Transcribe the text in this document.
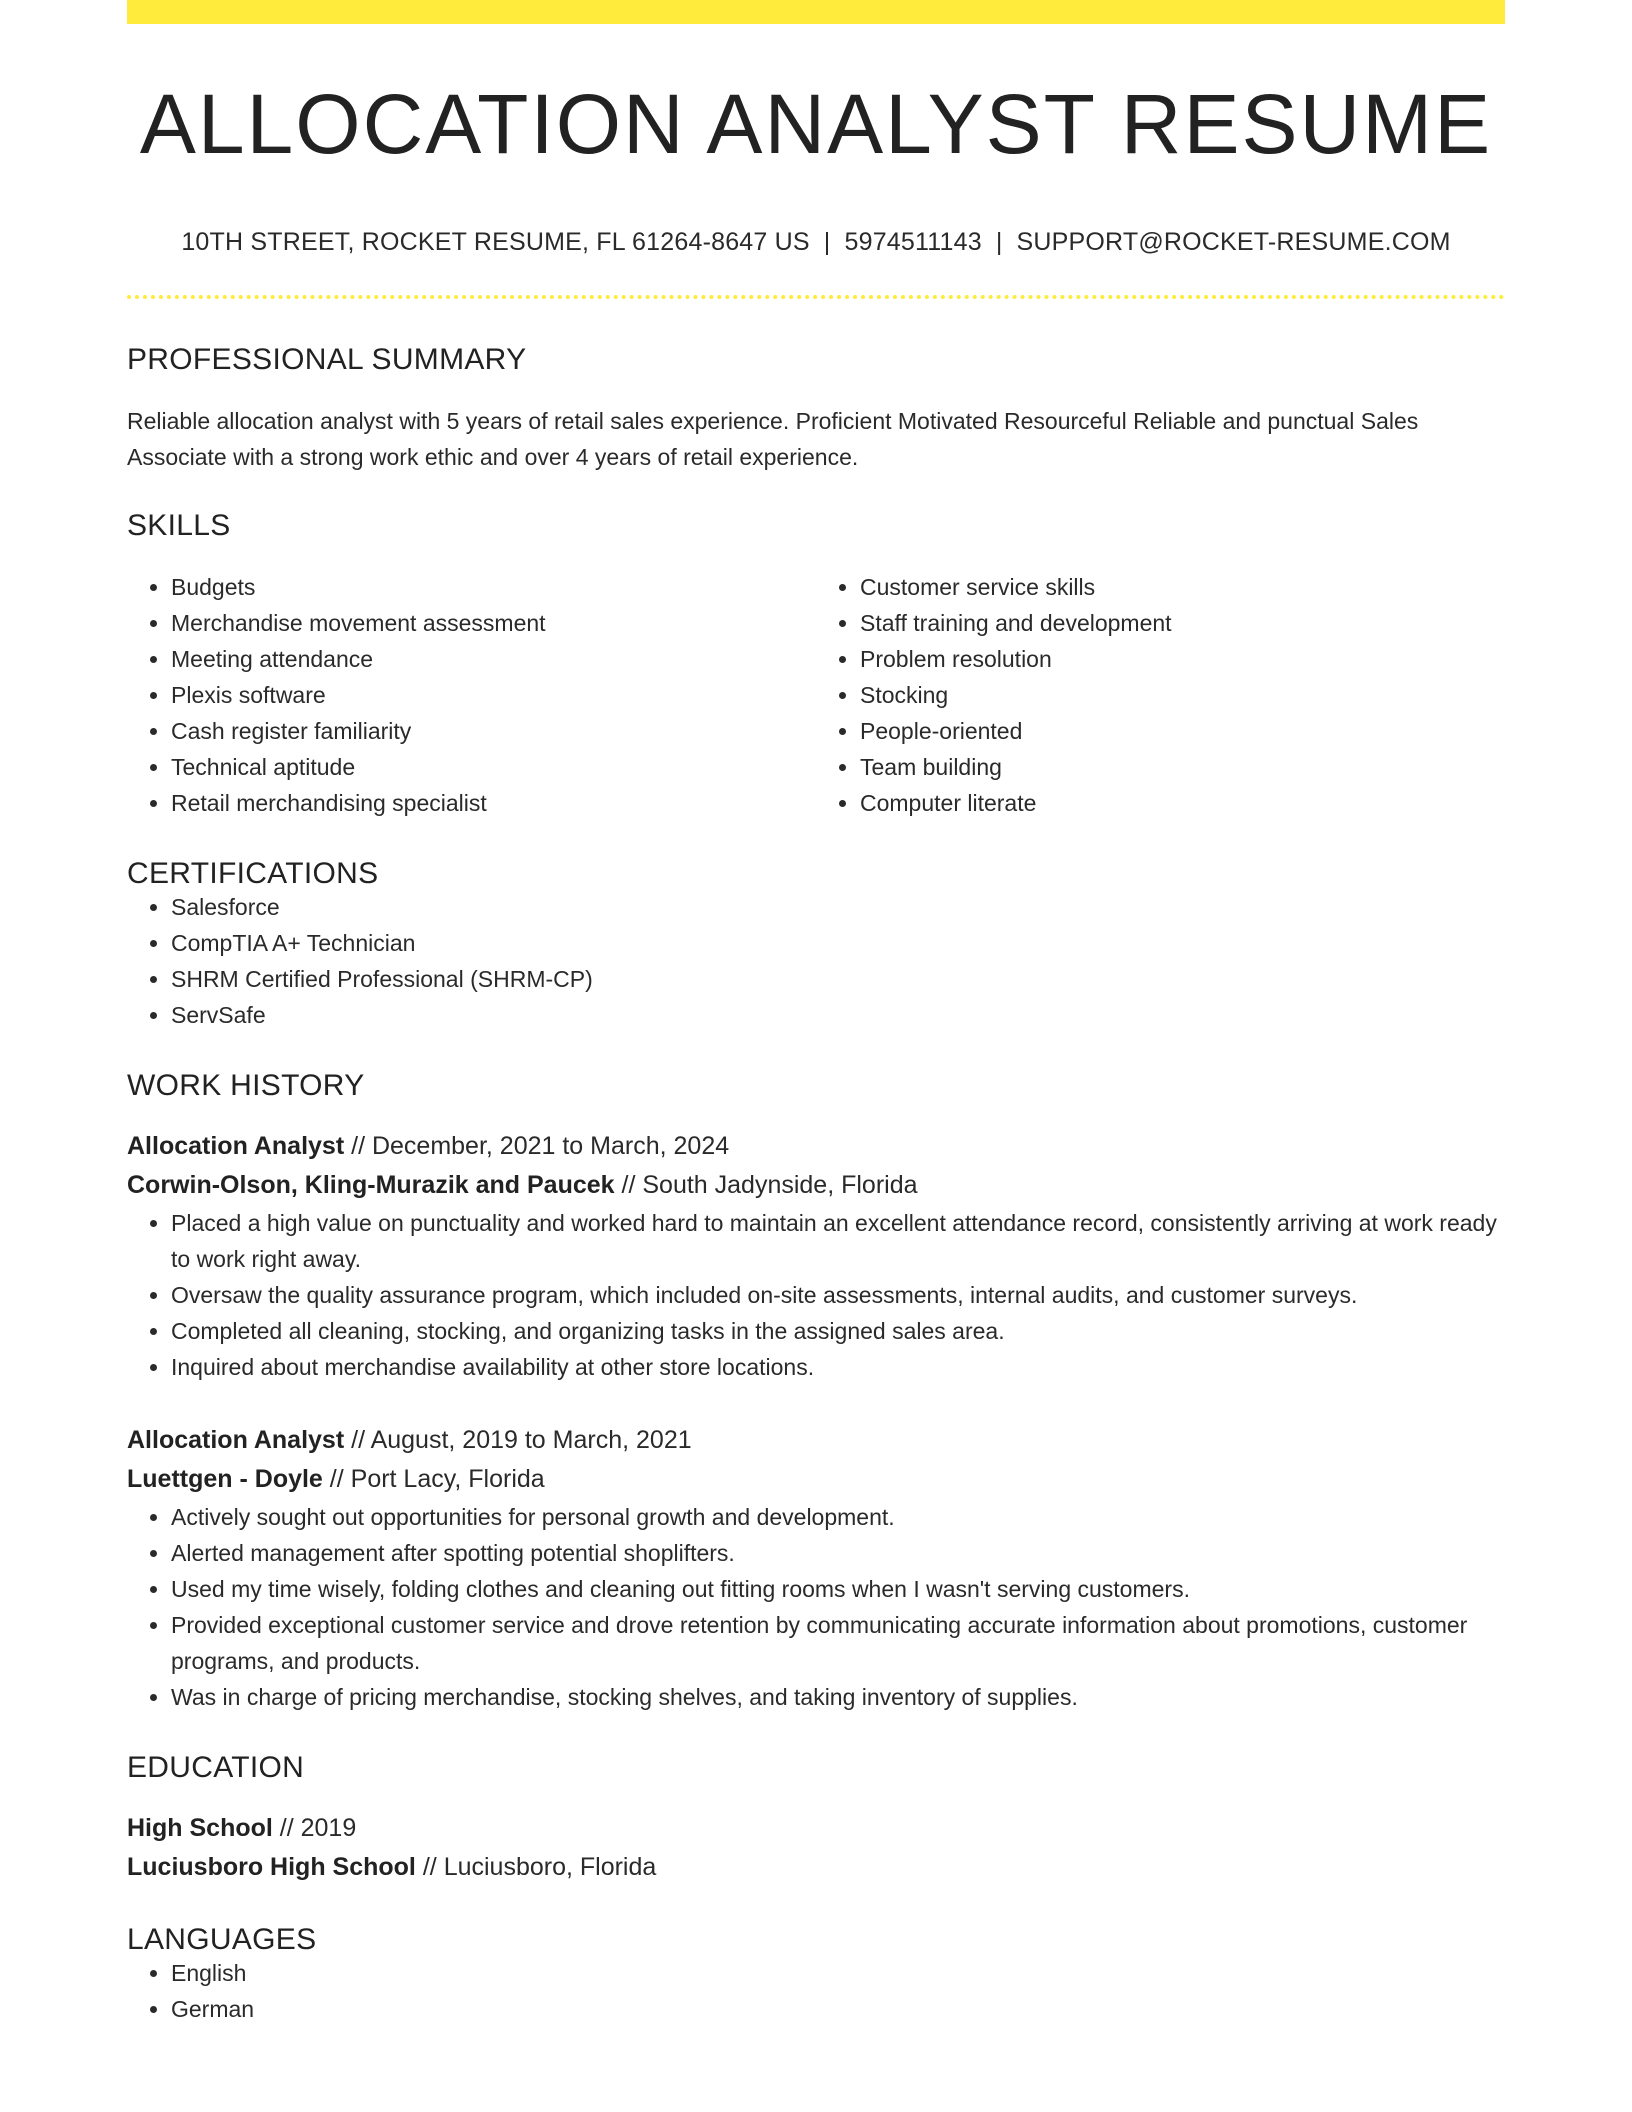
ALLOCATION ANALYST RESUME
10TH STREET, ROCKET RESUME, FL 61264-8647 US | 5974511143 | SUPPORT@ROCKET-RESUME.COM
PROFESSIONAL SUMMARY
Reliable allocation analyst with 5 years of retail sales experience. Proficient Motivated Resourceful Reliable and punctual Sales Associate with a strong work ethic and over 4 years of retail experience.
SKILLS
• Budgets
• Merchandise movement assessment
• Meeting attendance
• Plexis software
• Cash register familiarity
• Technical aptitude
• Retail merchandising specialist
• Customer service skills
• Staff training and development
• Problem resolution
• Stocking
• People-oriented
• Team building
• Computer literate
CERTIFICATIONS
• Salesforce
• CompTIA A+ Technician
• SHRM Certified Professional (SHRM-CP)
• ServSafe
WORK HISTORY
Allocation Analyst // December, 2021 to March, 2024
Corwin-Olson, Kling-Murazik and Paucek // South Jadynside, Florida
• Placed a high value on punctuality and worked hard to maintain an excellent attendance record, consistently arriving at work ready to work right away.
• Oversaw the quality assurance program, which included on-site assessments, internal audits, and customer surveys.
• Completed all cleaning, stocking, and organizing tasks in the assigned sales area.
• Inquired about merchandise availability at other store locations.
Allocation Analyst // August, 2019 to March, 2021
Luettgen - Doyle // Port Lacy, Florida
• Actively sought out opportunities for personal growth and development.
• Alerted management after spotting potential shoplifters.
• Used my time wisely, folding clothes and cleaning out fitting rooms when I wasn't serving customers.
• Provided exceptional customer service and drove retention by communicating accurate information about promotions, customer programs, and products.
• Was in charge of pricing merchandise, stocking shelves, and taking inventory of supplies.
EDUCATION
High School // 2019
Luciusboro High School // Luciusboro, Florida
LANGUAGES
• English
• German
